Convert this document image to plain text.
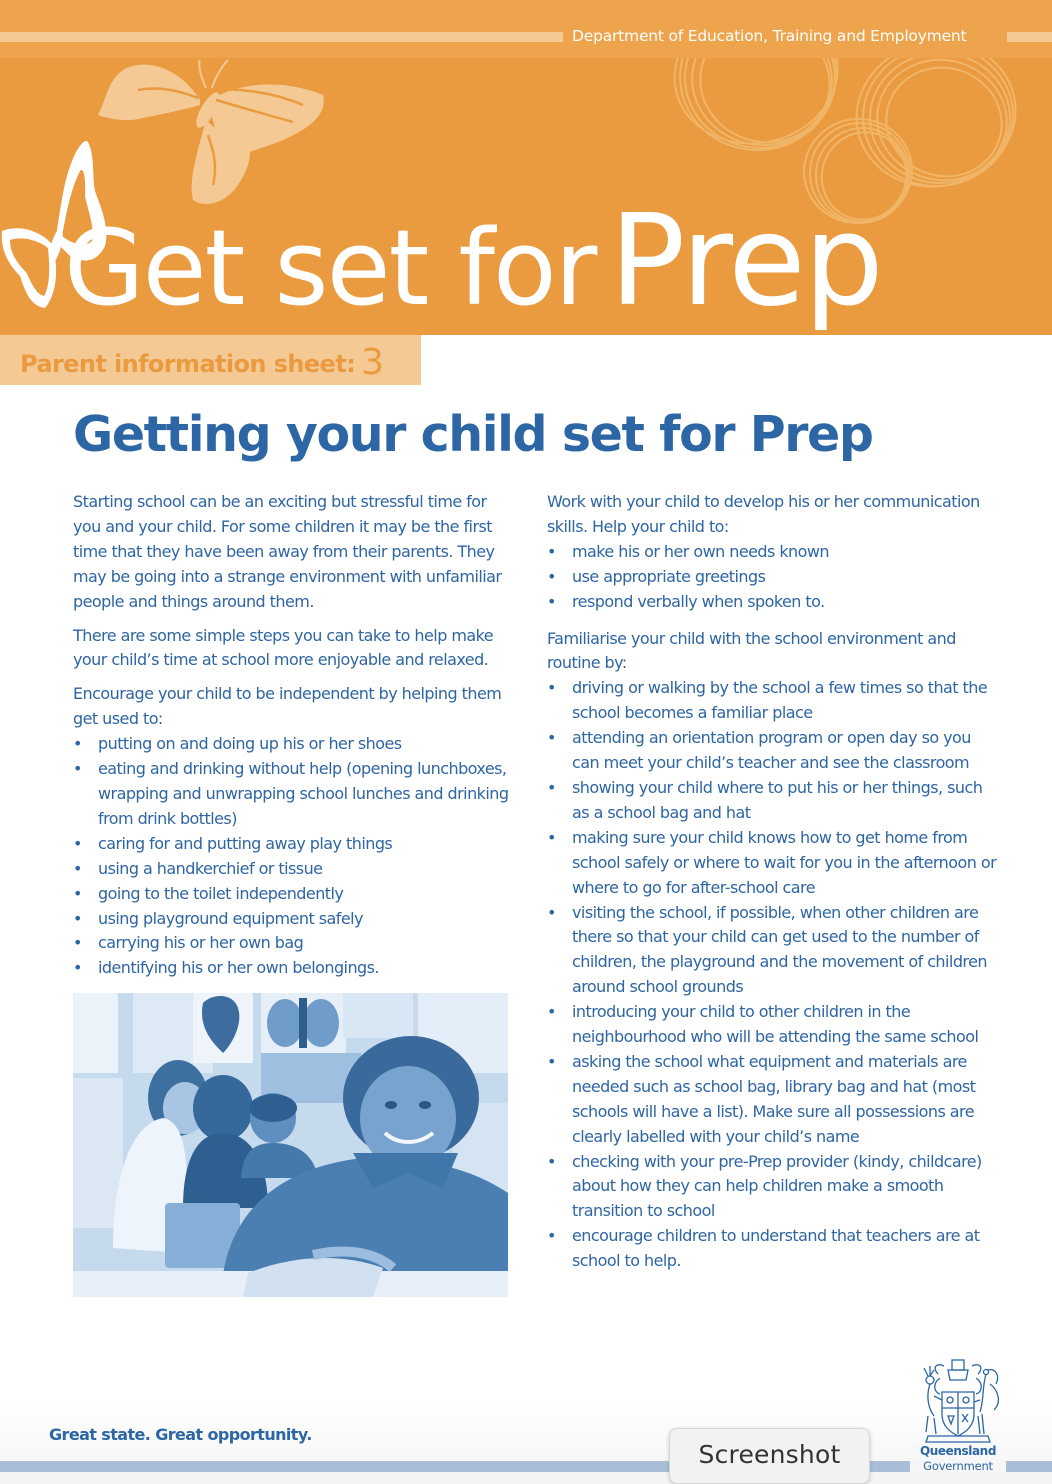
Department of Education, Training and Employment
Get set for Prep
Parent information sheet: 3
Getting your child set for Prep

Starting school can be an exciting but stressful time for you and your child. For some children it may be the first time that they have been away from their parents. They may be going into a strange environment with unfamiliar people and things around them.

There are some simple steps you can take to help make your child’s time at school more enjoyable and relaxed.

Encourage your child to be independent by helping them get used to:
• putting on and doing up his or her shoes
• eating and drinking without help (opening lunchboxes, wrapping and unwrapping school lunches and drinking from drink bottles)
• caring for and putting away play things
• using a handkerchief or tissue
• going to the toilet independently
• using playground equipment safely
• carrying his or her own bag
• identifying his or her own belongings.
Work with your child to develop his or her communication skills. Help your child to:
• make his or her own needs known
• use appropriate greetings
• respond verbally when spoken to.
Familiarise your child with the school environment and routine by:
• driving or walking by the school a few times so that the school becomes a familiar place
• attending an orientation program or open day so you can meet your child’s teacher and see the classroom
• showing your child where to put his or her things, such as a school bag and hat
• making sure your child knows how to get home from school safely or where to wait for you in the afternoon or where to go for after-school care
• visiting the school, if possible, when other children are there so that your child can get used to the number of children, the playground and the movement of children around school grounds
• introducing your child to other children in the neighbourhood who will be attending the same school
• asking the school what equipment and materials are needed such as school bag, library bag and hat (most schools will have a list). Make sure all possessions are clearly labelled with your child’s name
• checking with your pre-Prep provider (kindy, childcare) about how they can help children make a smooth transition to school
• encourage children to understand that teachers are at school to help.
Great state. Great opportunity.
Queensland
Government
Screenshot
